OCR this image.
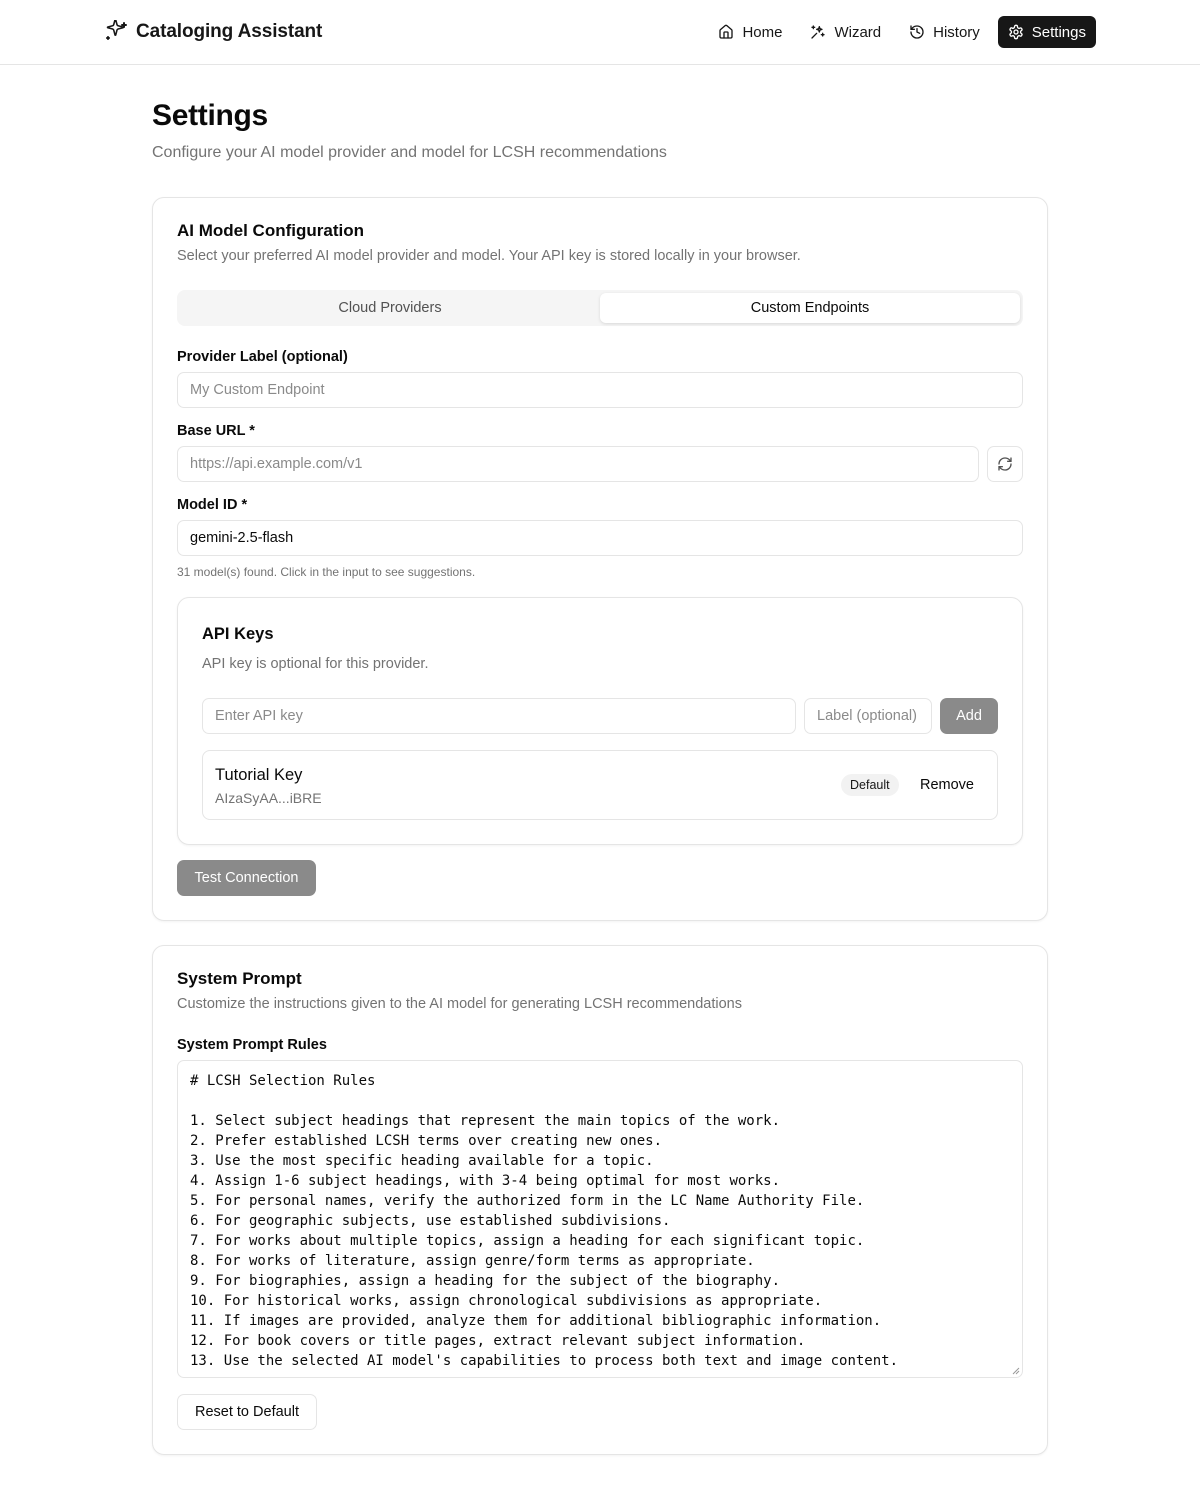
Cataloging Assistant	Home	Wizard	History	Settings
Settings

Configure your AI model provider and model for LCSH recommendations

AI Model Configuration
Select your preferred AI model provider and model. Your API key is stored locally in your browser.
Cloud Providers	Custom Endpoints
Provider Label (optional)
My Custom Endpoint
Base URL *
https://api.example.com/v1
Model ID *
gemini-2.5-flash
31 model(s) found. Click in the input to see suggestions.
API Keys
API key is optional for this provider.
Enter API key	Label (optional)	Add
Tutorial Key
AIzaSyAA...iBRE
Default	Remove
Test Connection
System Prompt
Customize the instructions given to the AI model for generating LCSH recommendations
System Prompt Rules
# LCSH Selection Rules
1. Select subject headings that represent the main topics of the work.
2. Prefer established LCSH terms over creating new ones.
3. Use the most specific heading available for a topic.
4. Assign 1-6 subject headings, with 3-4 being optimal for most works.
5. For personal names, verify the authorized form in the LC Name Authority File.
6. For geographic subjects, use established subdivisions.
7. For works about multiple topics, assign a heading for each significant topic.
8. For works of literature, assign genre/form terms as appropriate.
9. For biographies, assign a heading for the subject of the biography.
10. For historical works, assign chronological subdivisions as appropriate.
11. If images are provided, analyze them for additional bibliographic information.
12. For book covers or title pages, extract relevant subject information.
13. Use the selected AI model's capabilities to process both text and image content.
Reset to Default
